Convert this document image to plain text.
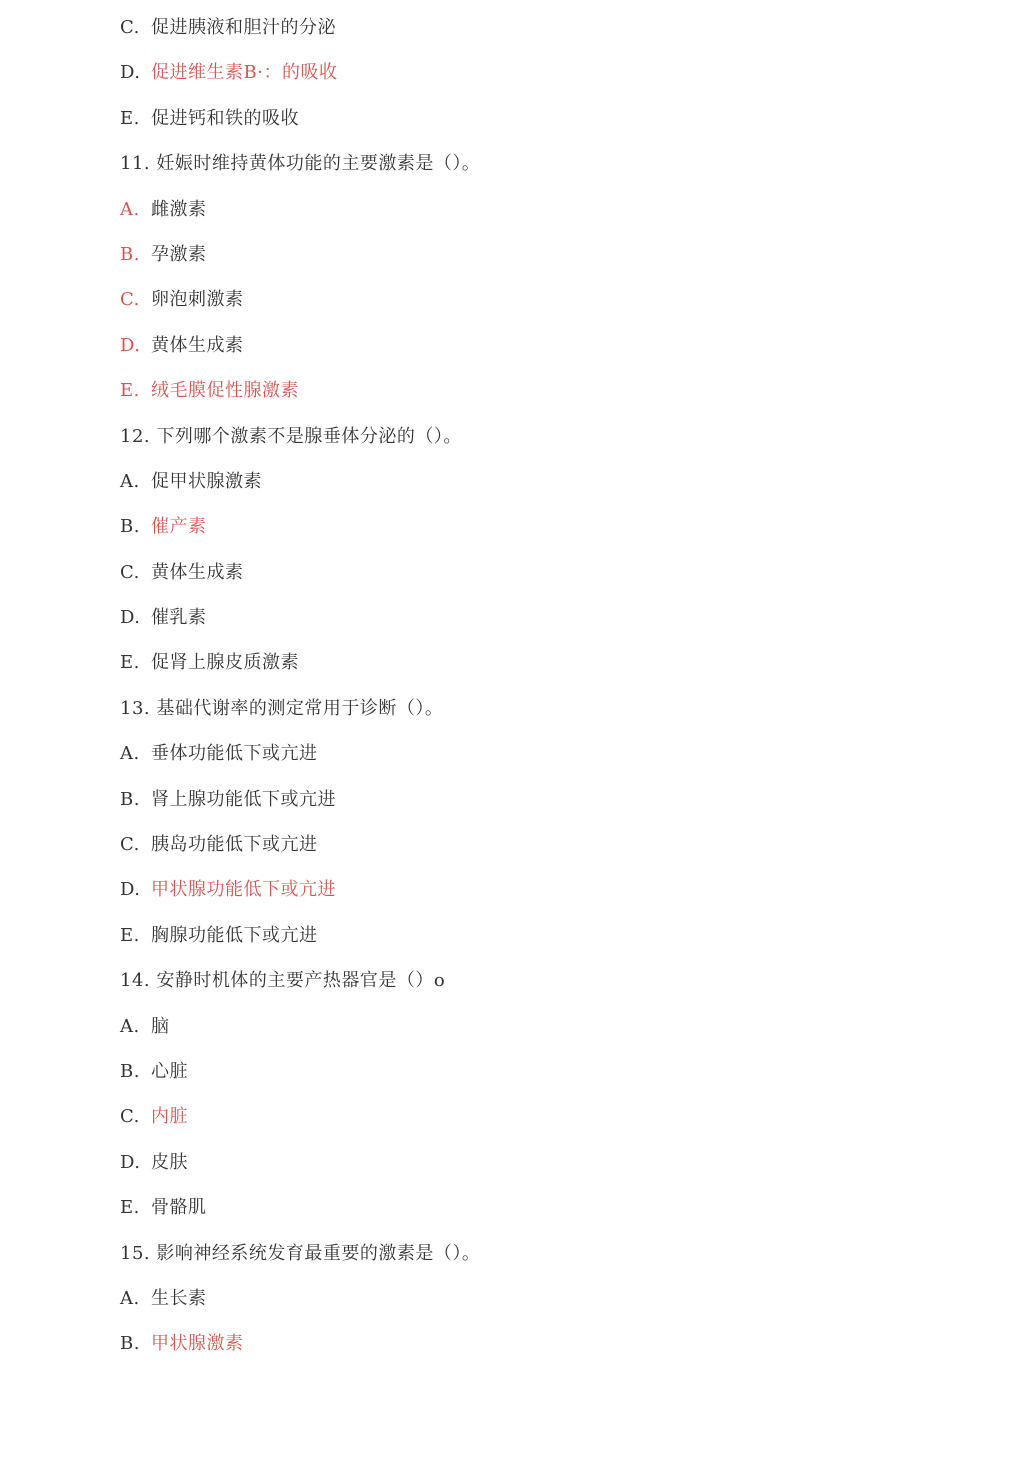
C. 促进胰液和胆汁的分泌
D. 促进维生素B·：的吸收
E. 促进钙和铁的吸收
11. 妊娠时维持黄体功能的主要激素是（）。
A. 雌激素
B. 孕激素
C. 卵泡刺激素
D. 黄体生成素
E. 绒毛膜促性腺激素
12. 下列哪个激素不是腺垂体分泌的（）。
A. 促甲状腺激素
B. 催产素
C. 黄体生成素
D. 催乳素
E. 促肾上腺皮质激素
13. 基础代谢率的测定常用于诊断（）。
A. 垂体功能低下或亢进
B. 肾上腺功能低下或亢进
C. 胰岛功能低下或亢进
D. 甲状腺功能低下或亢进
E. 胸腺功能低下或亢进
14. 安静时机体的主要产热器官是（）o
A. 脑
B. 心脏
C. 内脏
D. 皮肤
E. 骨骼肌
15. 影响神经系统发育最重要的激素是（）。
A. 生长素
B. 甲状腺激素
